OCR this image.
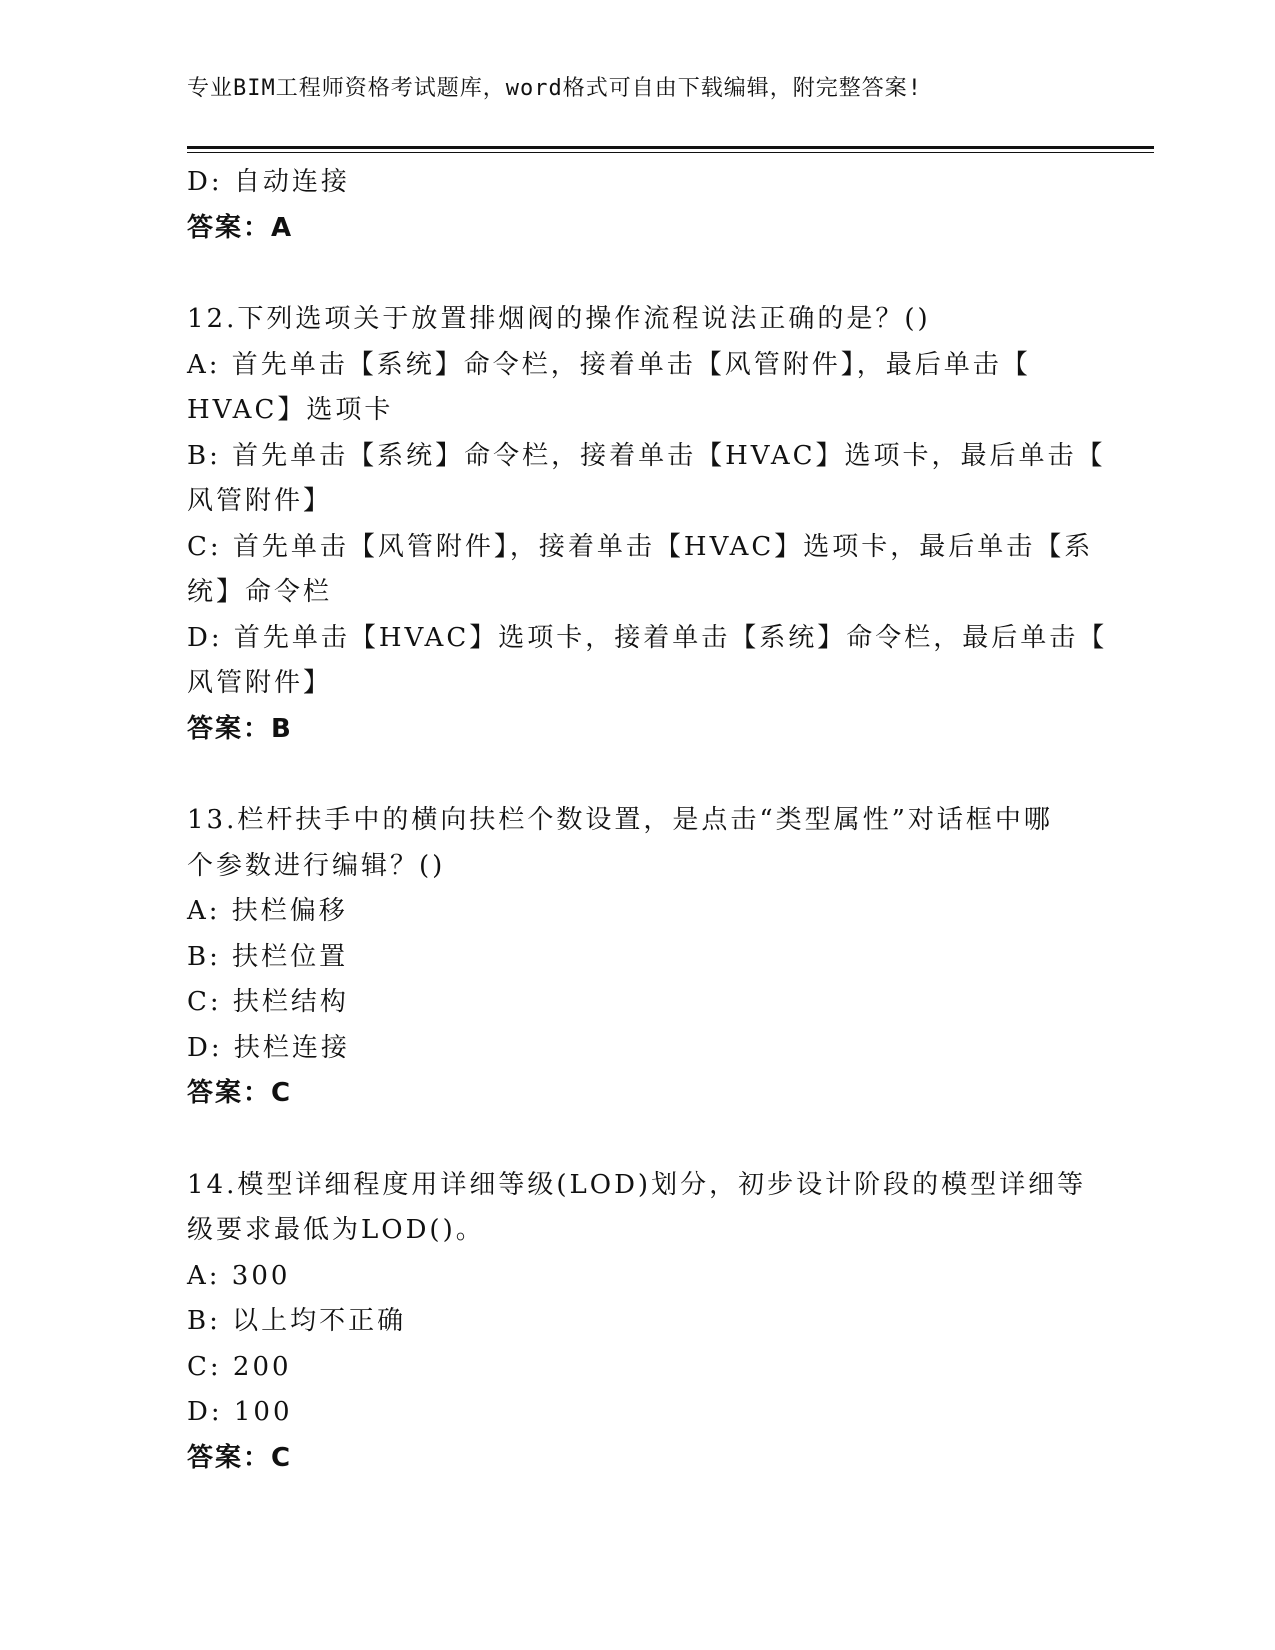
专业BIM工程师资格考试题库，word格式可自由下载编辑，附完整答案!
D: 自动连接
答案：A
12.下列选项关于放置排烟阀的操作流程说法正确的是？()
A: 首先单击【系统】命令栏，接着单击【风管附件】，最后单击【
HVAC】选项卡
B: 首先单击【系统】命令栏，接着单击【HVAC】选项卡，最后单击【
风管附件】
C: 首先单击【风管附件】，接着单击【HVAC】选项卡，最后单击【系
统】命令栏
D: 首先单击【HVAC】选项卡，接着单击【系统】命令栏，最后单击【
风管附件】
答案：B
13.栏杆扶手中的横向扶栏个数设置，是点击“类型属性”对话框中哪
个参数进行编辑？()
A: 扶栏偏移
B: 扶栏位置
C: 扶栏结构
D: 扶栏连接
答案：C
14.模型详细程度用详细等级(LOD)划分，初步设计阶段的模型详细等
级要求最低为LOD()。
A: 300
B: 以上均不正确
C: 200
D: 100
答案：C
